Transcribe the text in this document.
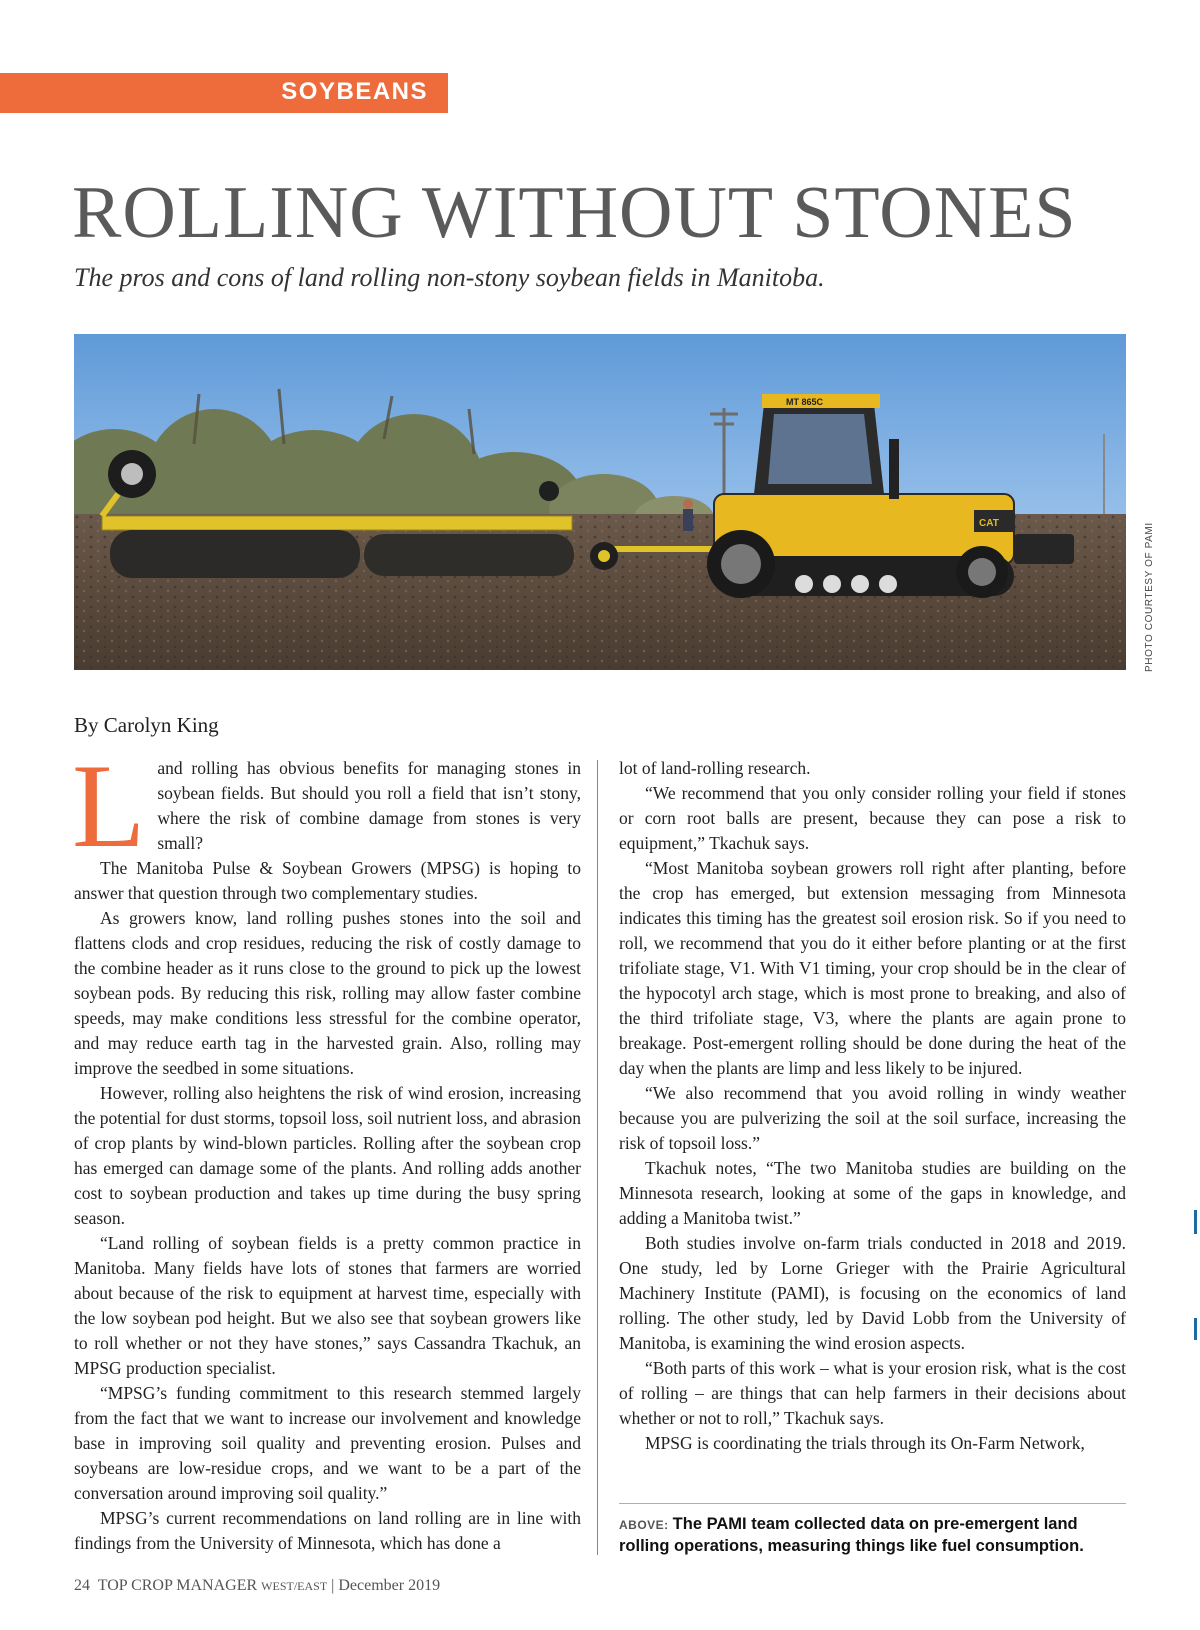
SOYBEANS
ROLLING WITHOUT STONES
The pros and cons of land rolling non-stony soybean fields in Manitoba.
MT 865C
CAT	PHOTO COURTESY OF PAMI
By Carolyn King

Land rolling has obvious benefits for managing stones in soybean fields. But should you roll a field that isn’t stony, where the risk of combine damage from stones is very small?

The Manitoba Pulse & Soybean Growers (MPSG) is hoping to answer that question through two complementary studies.

As growers know, land rolling pushes stones into the soil and flattens clods and crop residues, reducing the risk of costly damage to the combine header as it runs close to the ground to pick up the lowest soybean pods. By reducing this risk, rolling may allow faster combine speeds, may make conditions less stressful for the combine operator, and may reduce earth tag in the harvested grain. Also, rolling may improve the seedbed in some situations.

However, rolling also heightens the risk of wind erosion, increasing the potential for dust storms, topsoil loss, soil nutrient loss, and abrasion of crop plants by wind-blown particles. Rolling after the soybean crop has emerged can damage some of the plants. And rolling adds another cost to soybean production and takes up time during the busy spring season.

“Land rolling of soybean fields is a pretty common practice in Manitoba. Many fields have lots of stones that farmers are worried about because of the risk to equipment at harvest time, especially with the low soybean pod height. But we also see that soybean growers like to roll whether or not they have stones,” says Cassandra Tkachuk, an MPSG production specialist.

“MPSG’s funding commitment to this research stemmed largely from the fact that we want to increase our involvement and knowledge base in improving soil quality and preventing erosion. Pulses and soybeans are low-residue crops, and we want to be a part of the conversation around improving soil quality.”

MPSG’s current recommendations on land rolling are in line with findings from the University of Minnesota, which has done a

lot of land-rolling research.

“We recommend that you only consider rolling your field if stones or corn root balls are present, because they can pose a risk to equipment,” Tkachuk says.

“Most Manitoba soybean growers roll right after planting, before the crop has emerged, but extension messaging from Minnesota indicates this timing has the greatest soil erosion risk. So if you need to roll, we recommend that you do it either before planting or at the first trifoliate stage, V1. With V1 timing, your crop should be in the clear of the hypocotyl arch stage, which is most prone to breaking, and also of the third trifoliate stage, V3, where the plants are again prone to breakage. Post-emergent rolling should be done during the heat of the day when the plants are limp and less likely to be injured.

“We also recommend that you avoid rolling in windy weather because you are pulverizing the soil at the soil surface, increasing the risk of topsoil loss.”

Tkachuk notes, “The two Manitoba studies are building on the Minnesota research, looking at some of the gaps in knowledge, and adding a Manitoba twist.”

Both studies involve on-farm trials conducted in 2018 and 2019. One study, led by Lorne Grieger with the Prairie Agricultural Machinery Institute (PAMI), is focusing on the economics of land rolling. The other study, led by David Lobb from the University of Manitoba, is examining the wind erosion aspects.

“Both parts of this work – what is your erosion risk, what is the cost of rolling – are things that can help farmers in their decisions about whether or not to roll,” Tkachuk says.

MPSG is coordinating the trials through its On-Farm Network,

ABOVE: The PAMI team collected data on pre-emergent land rolling operations, measuring things like fuel consumption.
24 TOP CROP MANAGER WEST/EAST | December 2019
